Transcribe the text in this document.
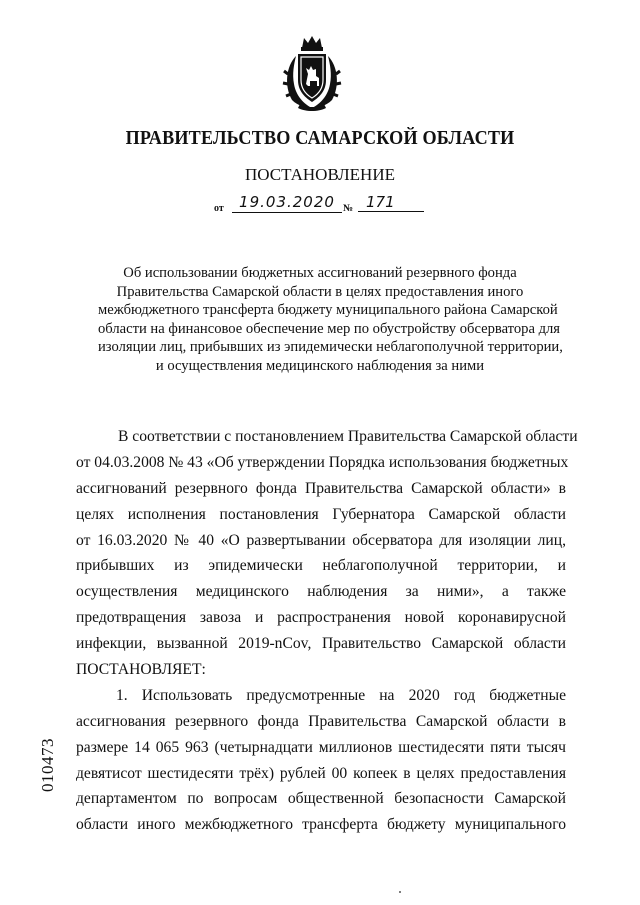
ПРАВИТЕЛЬСТВО САМАРСКОЙ ОБЛАСТИ
ПОСТАНОВЛЕНИЕ
от	19.03.2020 № 171
Об использовании бюджетных ассигнований резервного фонда
Правительства Самарской области в целях предоставления иного
межбюджетного трансферта бюджету муниципального района Самарской
области на финансовое обеспечение мер по обустройству обсерватора для
изоляции лиц, прибывших из эпидемически неблагополучной территории,
и осуществления медицинского наблюдения за ними
В соответствии с постановлением Правительства Самарской области
от 04.03.2008 № 43 «Об утверждении Порядка использования бюджетных
ассигнований резервного фонда Правительства Самарской области» в
целях исполнения постановления Губернатора Самарской области
от 16.03.2020 № 40 «О развертывании обсерватора для изоляции лиц,
прибывших из эпидемически неблагополучной территории, и
осуществления медицинского наблюдения за ними», а также
предотвращения завоза и распространения новой коронавирусной
инфекции, вызванной 2019-nCov, Правительство Самарской области
ПОСТАНОВЛЯЕТ:
1. Использовать предусмотренные на 2020 год бюджетные
ассигнования резервного фонда Правительства Самарской области в
размере 14 065 963 (четырнадцати миллионов шестидесяти пяти тысяч
девятисот шестидесяти трёх) рублей 00 копеек в целях предоставления
департаментом по вопросам общественной безопасности Самарской
области иного межбюджетного трансферта бюджету муниципального
010473
